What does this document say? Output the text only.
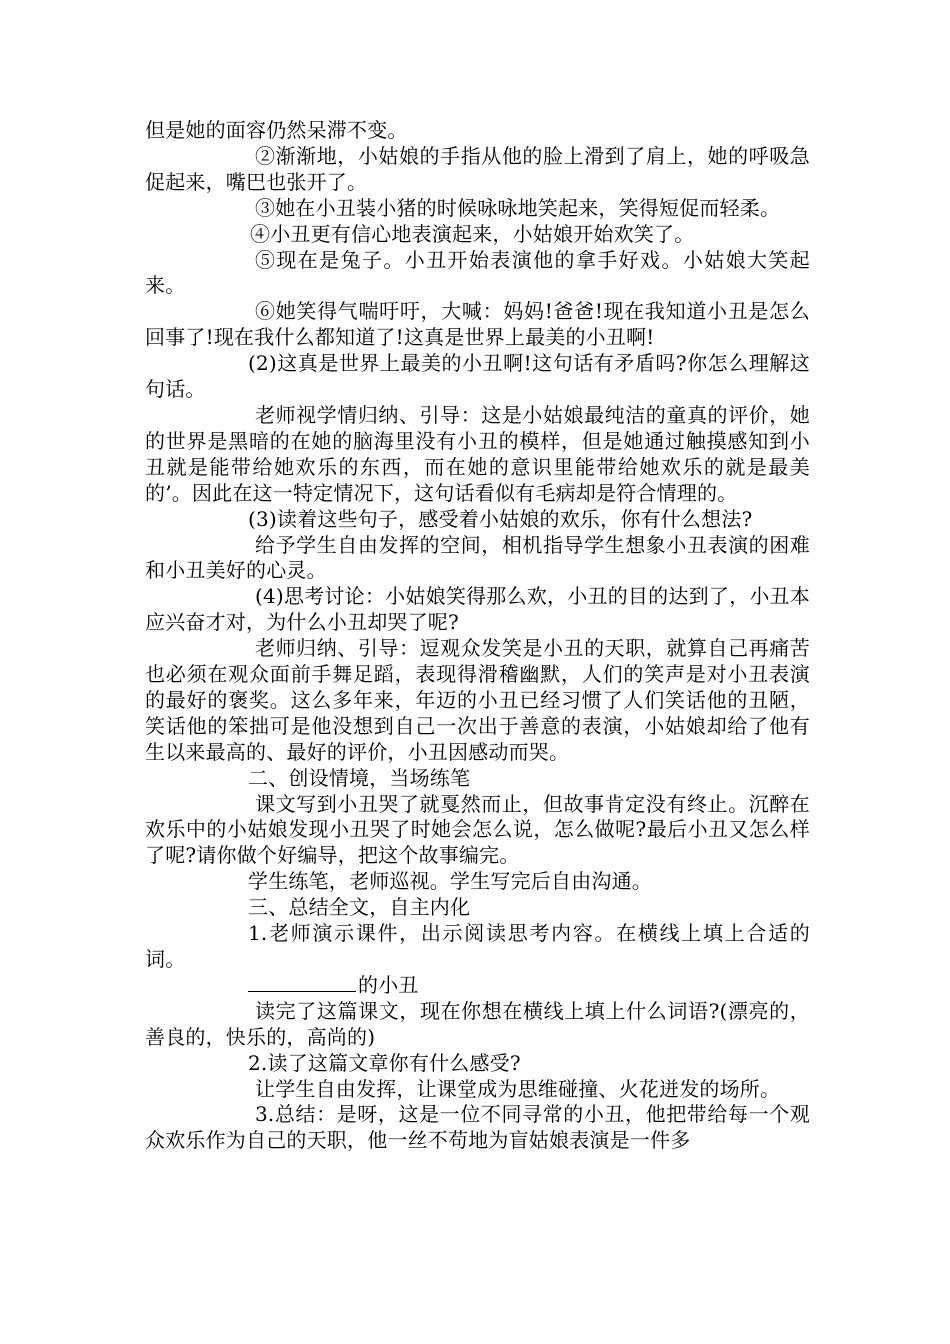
但是她的面容仍然呆滞不变。

②渐渐地，小姑娘的手指从他的脸上滑到了肩上，她的呼吸急促起来，嘴巴也张开了。

③她在小丑装小猪的时候咏咏地笑起来，笑得短促而轻柔。

④小丑更有信心地表演起来，小姑娘开始欢笑了。

⑤现在是兔子。小丑开始表演他的拿手好戏。小姑娘大笑起来。

⑥她笑得气喘吁吁，大喊：妈妈!爸爸!现在我知道小丑是怎么回事了!现在我什么都知道了!这真是世界上最美的小丑啊!

(2)这真是世界上最美的小丑啊!这句话有矛盾吗?你怎么理解这句话。

老师视学情归纳、引导：这是小姑娘最纯洁的童真的评价，她的世界是黑暗的在她的脑海里没有小丑的模样，但是她通过触摸感知到小丑就是能带给她欢乐的东西，而在她的意识里能带给她欢乐的就是最美的’。因此在这一特定情况下，这句话看似有毛病却是符合情理的。

(3)读着这些句子，感受着小姑娘的欢乐，你有什么想法?

给予学生自由发挥的空间，相机指导学生想象小丑表演的困难和小丑美好的心灵。

(4)思考讨论：小姑娘笑得那么欢，小丑的目的达到了，小丑本应兴奋才对，为什么小丑却哭了呢?

老师归纳、引导：逗观众发笑是小丑的天职，就算自己再痛苦也必须在观众面前手舞足蹈，表现得滑稽幽默，人们的笑声是对小丑表演的最好的褒奖。这么多年来，年迈的小丑已经习惯了人们笑话他的丑陋，笑话他的笨拙可是他没想到自己一次出于善意的表演，小姑娘却给了他有生以来最高的、最好的评价，小丑因感动而哭。

二、创设情境，当场练笔

课文写到小丑哭了就戛然而止，但故事肯定没有终止。沉醉在欢乐中的小姑娘发现小丑哭了时她会怎么说，怎么做呢?最后小丑又怎么样了呢?请你做个好编导，把这个故事编完。

学生练笔，老师巡视。学生写完后自由沟通。

三、总结全文，自主内化

1.老师演示课件，出示阅读思考内容。在横线上填上合适的词。

的小丑

读完了这篇课文，现在你想在横线上填上什么词语?(漂亮的，善良的，快乐的，高尚的)

2.读了这篇文章你有什么感受?

让学生自由发挥，让课堂成为思维碰撞、火花迸发的场所。

3.总结：是呀，这是一位不同寻常的小丑，他把带给每一个观众欢乐作为自己的天职，他一丝不苟地为盲姑娘表演是一件多
